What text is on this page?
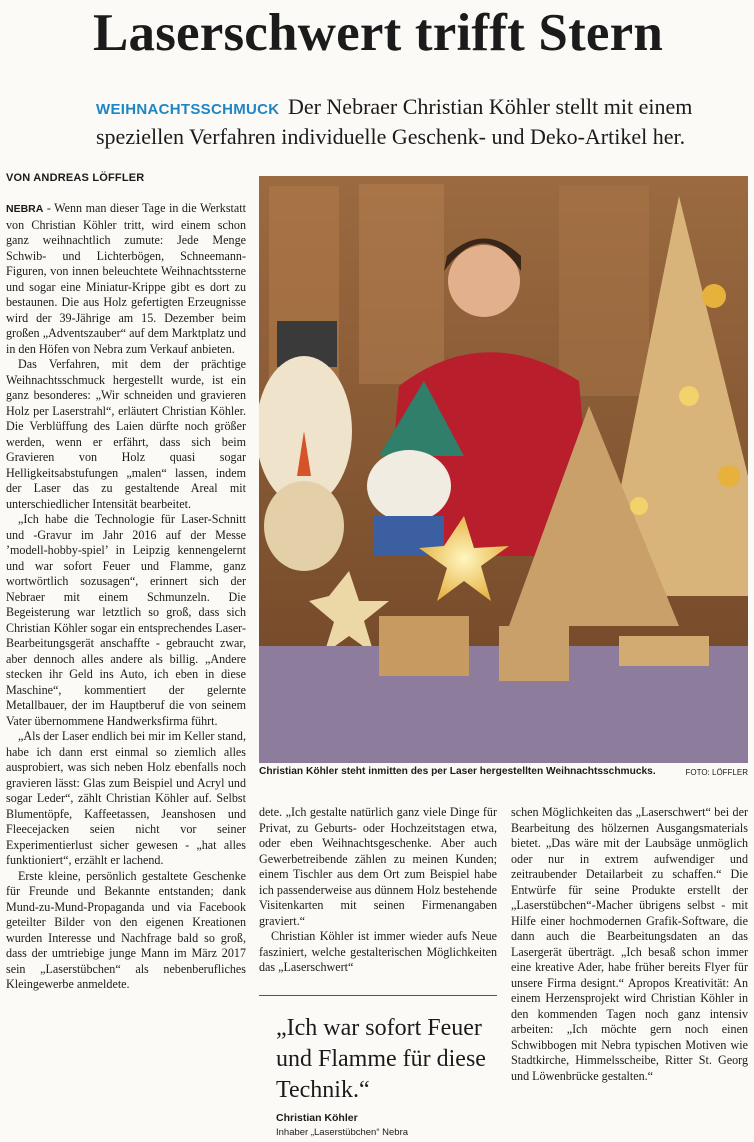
Laserschwert trifft Stern
WEIHNACHTSSCHMUCK Der Nebraer Christian Köhler stellt mit einem speziellen Verfahren individuelle Geschenk- und Deko-Artikel her.
VON ANDREAS LÖFFLER

NEBRA - Wenn man dieser Tage in die Werkstatt von Christian Köhler tritt, wird einem schon ganz weihnachtlich zumute: Jede Menge Schwib- und Lichterbögen, Schneemann-Figuren, von innen beleuchtete Weihnachtssterne und sogar eine Miniatur-Krippe gibt es dort zu bestaunen. Die aus Holz gefertigten Erzeugnisse wird der 39-Jährige am 15. Dezember beim großen „Adventszauber“ auf dem Marktplatz und in den Höfen von Nebra zum Verkauf anbieten.

Das Verfahren, mit dem der prächtige Weihnachtsschmuck hergestellt wurde, ist ein ganz besonderes: „Wir schneiden und gravieren Holz per Laserstrahl“, erläutert Christian Köhler. Die Verblüffung des Laien dürfte noch größer werden, wenn er erfährt, dass sich beim Gravieren von Holz quasi sogar Helligkeitsabstufungen „malen“ lassen, indem der Laser das zu gestaltende Areal mit unterschiedlicher Intensität bearbeitet.

„Ich habe die Technologie für Laser-Schnitt und -Gravur im Jahr 2016 auf der Messe ’modell-hobby-spiel’ in Leipzig kennengelernt und war sofort Feuer und Flamme, ganz wortwörtlich sozusagen“, erinnert sich der Nebraer mit einem Schmunzeln. Die Begeisterung war letztlich so groß, dass sich Christian Köhler sogar ein entsprechendes Laser-Bearbeitungsgerät anschaffte - gebraucht zwar, aber dennoch alles andere als billig. „Andere stecken ihr Geld ins Auto, ich eben in diese Maschine“, kommentiert der gelernte Metallbauer, der im Hauptberuf die von seinem Vater übernommene Handwerksfirma führt.

„Als der Laser endlich bei mir im Keller stand, habe ich dann erst einmal so ziemlich alles ausprobiert, was sich neben Holz ebenfalls noch gravieren lässt: Glas zum Beispiel und Acryl und sogar Leder“, zählt Christian Köhler auf. Selbst Blumentöpfe, Kaffeetassen, Jeanshosen und Fleecejacken seien nicht vor seiner Experimentierlust sicher gewesen - „hat alles funktioniert“, erzählt er lachend.

Erste kleine, persönlich gestaltete Geschenke für Freunde und Bekannte entstanden; dank Mund-zu-Mund-Propaganda und via Facebook geteilter Bilder von den eigenen Kreationen wurden Interesse und Nachfrage bald so groß, dass der umtriebige junge Mann im März 2017 sein „Laserstübchen“ als nebenberufliches Kleingewerbe anmeldete.

Christian Köhler steht inmitten des per Laser hergestellten Weihnachtsschmucks.	FOTO: LÖFFLER

dete. „Ich gestalte natürlich ganz viele Dinge für Privat, zu Geburts- oder Hochzeitstagen etwa, oder eben Weihnachtsgeschenke. Aber auch Gewerbetreibende zählen zu meinen Kunden; einem Tischler aus dem Ort zum Beispiel habe ich passenderweise aus dünnem Holz bestehende Visitenkarten mit seinen Firmenangaben graviert.“

Christian Köhler ist immer wieder aufs Neue fasziniert, welche gestalterischen Möglichkeiten das „Laserschwert“

„Ich war sofort Feuer und Flamme für diese Technik.“
Christian Köhler
Inhaber „Laserstübchen“ Nebra

schen Möglichkeiten das „Laserschwert“ bei der Bearbeitung des hölzernen Ausgangsmaterials bietet. „Das wäre mit der Laubsäge unmöglich oder nur in extrem aufwendiger und zeitraubender Detailarbeit zu schaffen.“ Die Entwürfe für seine Produkte erstellt der „Laserstübchen“-Macher übrigens selbst - mit Hilfe einer hochmodernen Grafik-Software, die dann auch die Bearbeitungsdaten an das Lasergerät überträgt. „Ich besaß schon immer eine kreative Ader, habe früher bereits Flyer für unsere Firma designt.“ Apropos Kreativität: An einem Herzensprojekt wird Christian Köhler in den kommenden Tagen noch ganz intensiv arbeiten: „Ich möchte gern noch einen Schwibbogen mit Nebra typischen Motiven wie Stadtkirche, Himmelsscheibe, Ritter St. Georg und Löwenbrücke gestalten.“
